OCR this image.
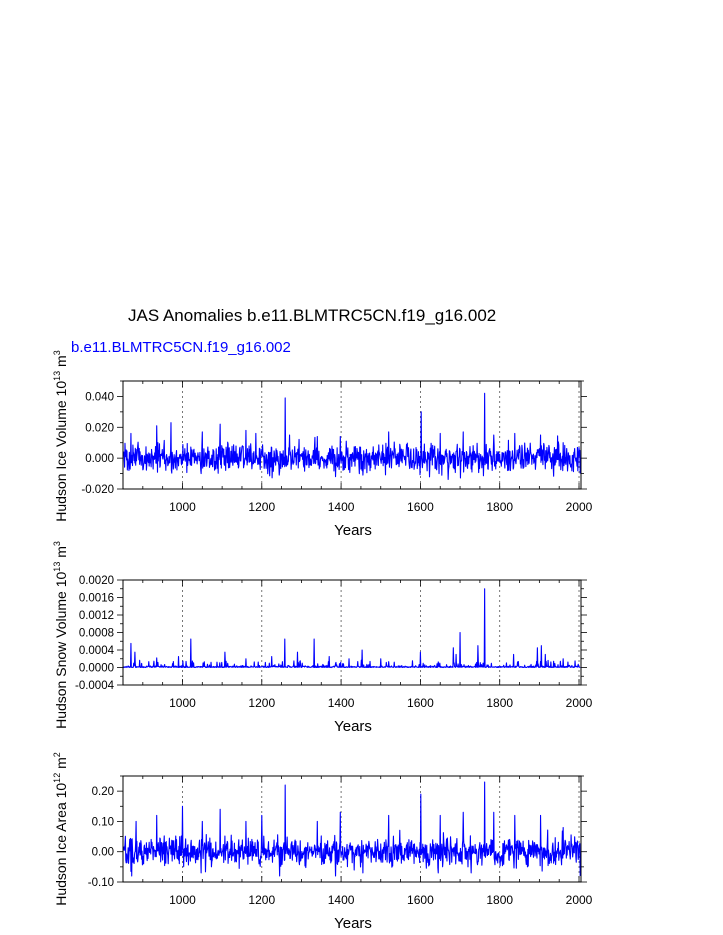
JAS Anomalies b.e11.BLMTRC5CN.f19_g16.002
b.e11.BLMTRC5CN.f19_g16.002
1000	1200	1400	1600	1800	2000
-0.020
0.000
0.020
0.040
Years
Hudson Ice Volume $10^{13}$ $m^3$
1000	1200	1400	1600	1800	2000
-0.0004
0.0000
0.0004
0.0008
0.0012
0.0016
0.0020
Years
Hudson Snow Volume $10^{13}$ $m^3$
1000	1200	1400	1600	1800	2000
-0.10
0.00
0.10
0.20
Years
Hudson Ice Area $10^{12}$ $m^2$
